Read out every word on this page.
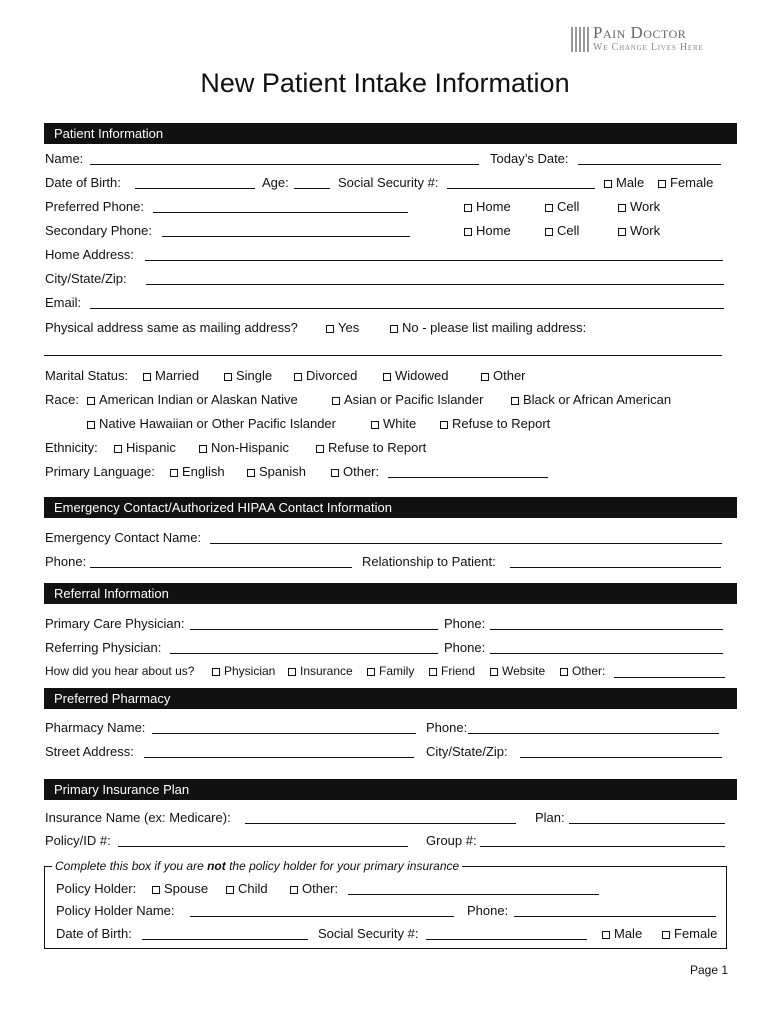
Pain Doctor
We Change Lives Here
New Patient Intake Information
Patient Information
Name:	Today’s Date:
Date of Birth:	Age:	Social Security #:	Male	Female
Preferred Phone:	Home	Cell	Work
Secondary Phone:	Home	Cell	Work
Home Address:
City/State/Zip:
Email:
Physical address same as mailing address?	Yes	No - please list mailing address:
Marital Status:	Married	Single	Divorced	Widowed	Other
Race:	American Indian or Alaskan Native	Asian or Pacific Islander	Black or African American
Native Hawaiian or Other Pacific Islander	White	Refuse to Report
Ethnicity:	Hispanic	Non-Hispanic	Refuse to Report
Primary Language:	English	Spanish	Other:
Emergency Contact/Authorized HIPAA Contact Information
Emergency Contact Name:
Phone:	Relationship to Patient:
Referral Information
Primary Care Physician:	Phone:
Referring Physician:	Phone:
How did you hear about us?	Physician	Insurance	Family	Friend	Website	Other:
Preferred Pharmacy
Pharmacy Name:	Phone:
Street Address:	City/State/Zip:
Primary Insurance Plan
Insurance Name (ex: Medicare):	Plan:
Policy/ID #:	Group #:
Complete this box if you are not the policy holder for your primary insurance
Policy Holder:	Spouse	Child	Other:
Policy Holder Name:	Phone:
Date of Birth:	Social Security #:	Male	Female
Page 1
